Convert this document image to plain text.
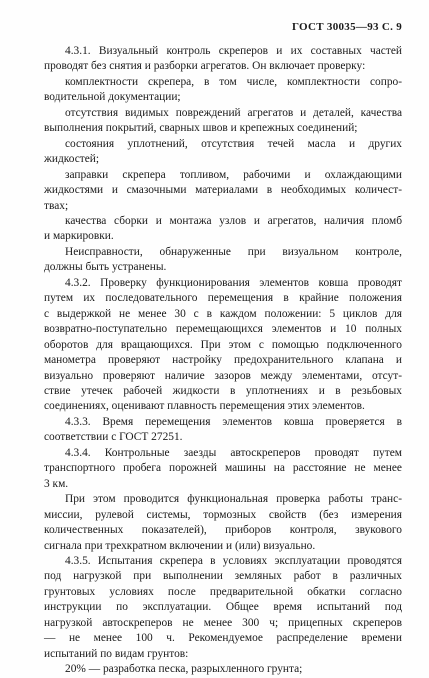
ГОСТ 30035—93 С. 9

4.3.1. Визуальный контроль скреперов и их составных частей

проводят без снятия и разборки агрегатов. Он включает проверку:

комплектности скрепера, в том числе, комплектности сопро-

водительной документации;

отсутствия видимых повреждений агрегатов и деталей, качества

выполнения покрытий, сварных швов и крепежных соединений;

состояния уплотнений, отсутствия течей масла и других

жидкостей;

заправки скрепера топливом, рабочими и охлаждающими

жидкостями и смазочными материалами в необходимых количест-

твах;

качества сборки и монтажа узлов и агрегатов, наличия пломб

и маркировки.

Неисправности, обнаруженные при визуальном контроле,

должны быть устранены.

4.3.2. Проверку функционирования элементов ковша проводят

путем их последовательного перемещения в крайние положения

с выдержкой не менее 30 с в каждом положении: 5 циклов для

возвратно-поступательно перемещающихся элементов и 10 полных

оборотов для вращающихся. При этом с помощью подключенного

манометра проверяют настройку предохранительного клапана и

визуально проверяют наличие зазоров между элементами, отсут-

ствие утечек рабочей жидкости в уплотнениях и в резьбовых

соединениях, оценивают плавность перемещения этих элементов.

4.3.3. Время перемещения элементов ковша проверяется в

соответствии с ГОСТ 27251.

4.3.4. Контрольные заезды автоскреперов проводят путем

транспортного пробега порожней машины на расстояние не менее

3 км.

При этом проводится функциональная проверка работы транс-

миссии, рулевой системы, тормозных свойств (без измерения

количественных показателей), приборов контроля, звукового

сигнала при трехкратном включении и (или) визуально.

4.3.5. Испытания скрепера в условиях эксплуатации проводятся

под нагрузкой при выполнении земляных работ в различных

грунтовых условиях после предварительной обкатки согласно

инструкции по эксплуатации. Общее время испытаний под

нагрузкой автоскреперов не менее 300 ч; прицепных скреперов

— не менее 100 ч. Рекомендуемое распределение времени

испытаний по видам грунтов:

20% — разработка песка, разрыхленного грунта;
